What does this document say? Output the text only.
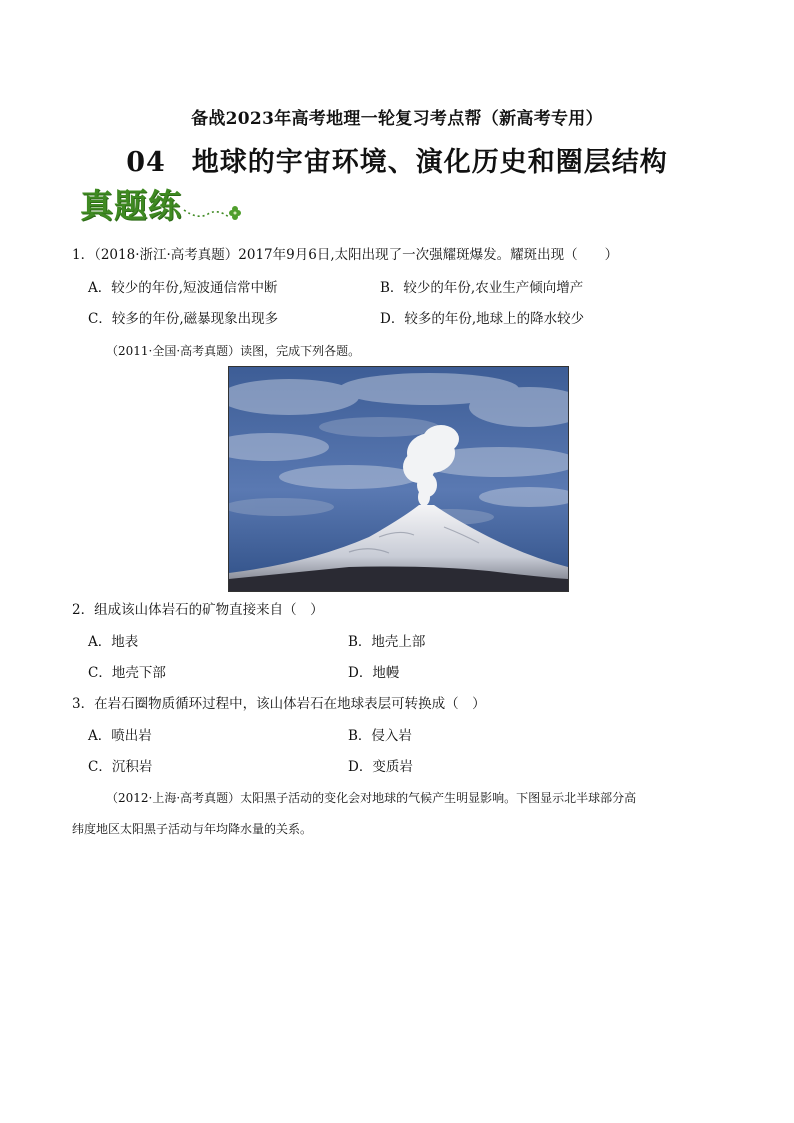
备战2023年高考地理一轮复习考点帮（新高考专用）
04 地球的宇宙环境、演化历史和圈层结构
真题练
1．（2018·浙江·高考真题）2017年9月6日,太阳出现了一次强耀斑爆发。耀斑出现（　　）
A．较少的年份,短波通信常中断	B．较少的年份,农业生产倾向增产
C．较多的年份,磁暴现象出现多	D．较多的年份,地球上的降水较少
（2011·全国·高考真题）读图，完成下列各题。
2．组成该山体岩石的矿物直接来自（　）
A．地表	B．地壳上部
C．地壳下部	D．地幔
3．在岩石圈物质循环过程中，该山体岩石在地球表层可转换成（　）
A．喷出岩	B．侵入岩
C．沉积岩	D．变质岩
（2012·上海·高考真题）太阳黑子活动的变化会对地球的气候产生明显影响。下图显示北半球部分高
纬度地区太阳黑子活动与年均降水量的关系。
